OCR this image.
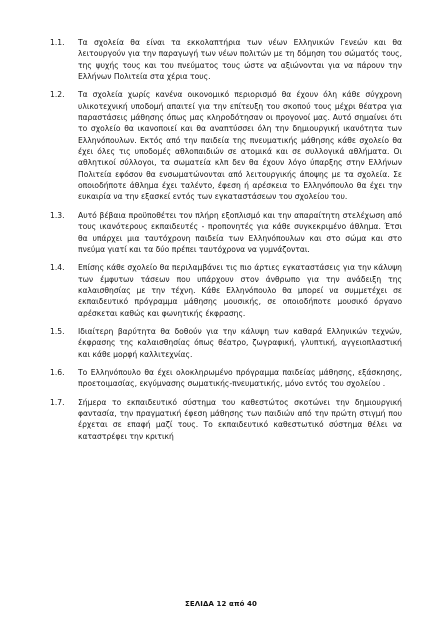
1.1.	Τα σχολεία θα είναι τα εκκολαπτήρια των νέων Ελληνικών Γενεών και θα λειτουργούν για την παραγωγή των νέων πολιτών με τη δόμηση του σώματός τους, της ψυχής τους και του πνεύματος τους ώστε να αξιώνονται για να πάρουν την Ελλήνων Πολιτεία στα χέρια τους.
1.2.	Τα σχολεία χωρίς κανένα οικονομικό περιορισμό θα έχουν όλη κάθε σύγχρονη υλικοτεχνική υποδομή απαιτεί για την επίτευξη του σκοπού τους μέχρι θέατρα για παραστάσεις μάθησης όπως μας κληροδότησαν οι προγονοί μας. Αυτό σημαίνει ότι το σχολείο θα ικανοποιεί και θα αναπτύσσει όλη την δημιουργική ικανότητα των Ελληνόπουλων. Εκτός από την παιδεία της πνευματικής μάθησης κάθε σχολείο θα έχει όλες τις υποδομές αθλοπαιδιών σε ατομικά και σε συλλογικά αθλήματα. Οι αθλητικοί σύλλογοι, τα σωματεία κλπ δεν θα έχουν λόγο ύπαρξης στην Ελλήνων Πολιτεία εφόσον θα ενσωματώνονται από λειτουργικής άποψης με τα σχολεία. Σε οποιοδήποτε άθλημα έχει ταλέντο, έφεση ή αρέσκεια το Ελληνόπουλο θα έχει την ευκαιρία να την εξασκεί εντός των εγκαταστάσεων του σχολείου του.
1.3.	Αυτό βέβαια προϋποθέτει τον πλήρη εξοπλισμό και την απαραίτητη στελέχωση από τους ικανότερους εκπαιδευτές - προπονητές για κάθε συγκεκριμένο άθλημα. Έτσι θα υπάρχει μια ταυτόχρονη παιδεία των Ελληνόπουλων και στο σώμα και στο πνεύμα γιατί και τα δύο πρέπει ταυτόχρονα να γυμνάζονται.
1.4.	Επίσης κάθε σχολείο θα περιλαμβάνει τις πιο άρτιες εγκαταστάσεις για την κάλυψη των έμφυτων τάσεων που υπάρχουν στον άνθρωπο για την ανάδειξη της καλαισθησίας με την τέχνη. Κάθε Ελληνόπουλο θα μπορεί να συμμετέχει σε εκπαιδευτικό πρόγραμμα μάθησης μουσικής, σε οποιοδήποτε μουσικό όργανο αρέσκεται καθώς και φωνητικής έκφρασης.
1.5.	Ιδιαίτερη βαρύτητα θα δοθούν για την κάλυψη των καθαρά Ελληνικών τεχνών, έκφρασης της καλαισθησίας όπως θέατρο, ζωγραφική, γλυπτική, αγγειοπλαστική και κάθε μορφή καλλιτεχνίας.
1.6.	Το Ελληνόπουλο θα έχει ολοκληρωμένο πρόγραμμα παιδείας μάθησης, εξάσκησης, προετοιμασίας, εκγύμνασης σωματικής-πνευματικής, μόνο εντός του σχολείου .
1.7.	Σήμερα το εκπαιδευτικό σύστημα του καθεστώτος σκοτώνει την δημιουργική φαντασία, την πραγματική έφεση μάθησης των παιδιών από την πρώτη στιγμή που έρχεται σε επαφή μαζί τους. Το εκπαιδευτικό καθεστωτικό σύστημα θέλει να καταστρέφει την κριτική
ΣΕΛΙΔΑ 12 από 40
